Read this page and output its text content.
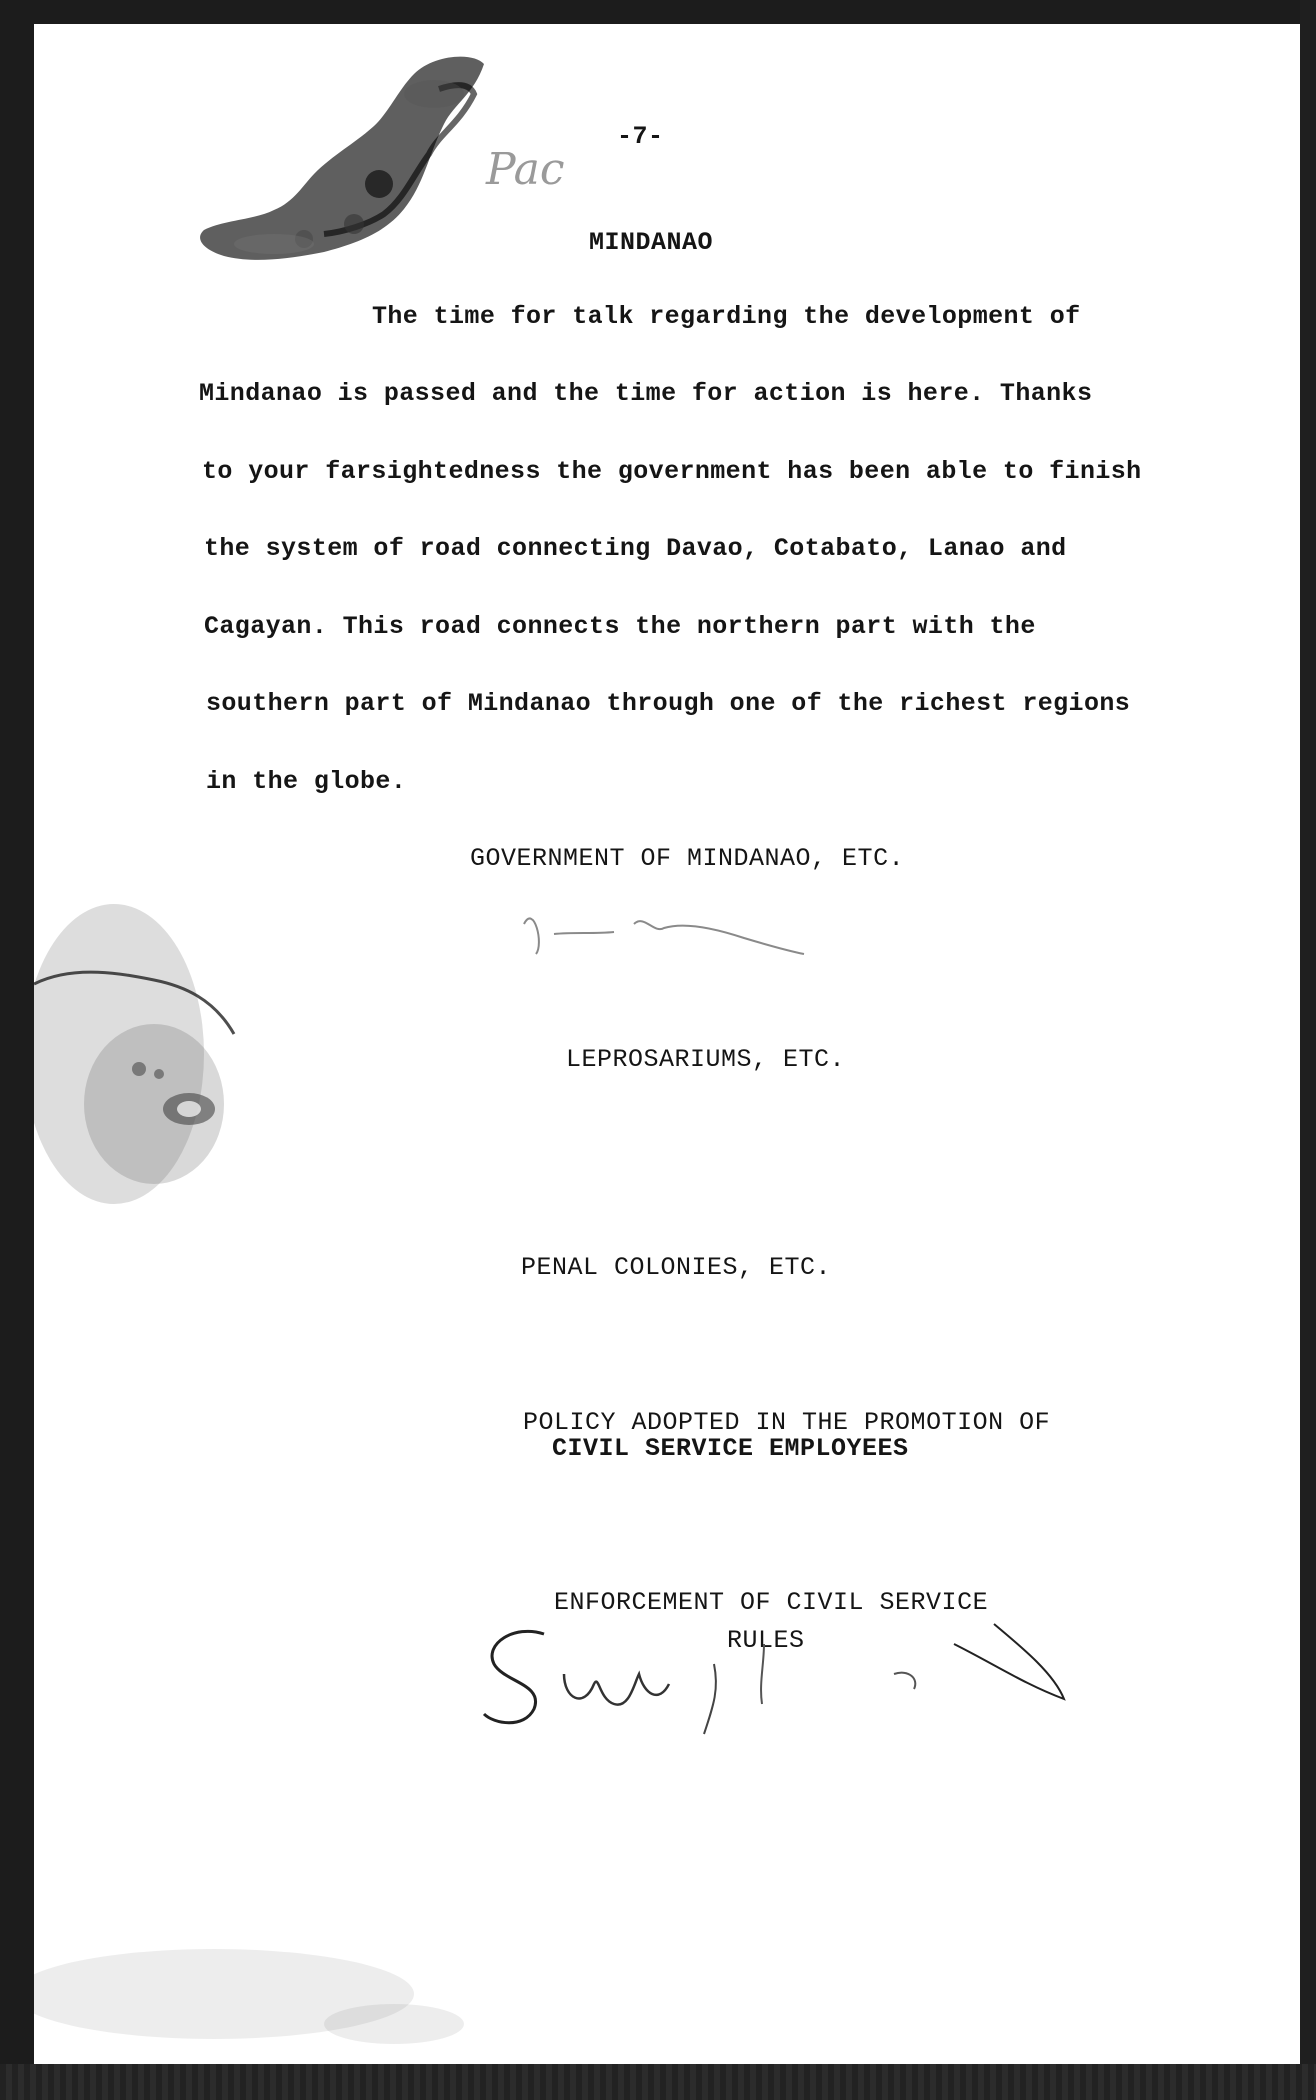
-7-
Pac
MINDANAO
The time for talk regarding the development of
Mindanao is passed and the time for action is here. Thanks
to your farsightedness the government has been able to finish
the system of road connecting Davao, Cotabato, Lanao and
Cagayan. This road connects the northern part with the
southern part of Mindanao through one of the richest regions
in the globe.
GOVERNMENT OF MINDANAO, ETC.
LEPROSARIUMS, ETC.
PENAL COLONIES, ETC.
POLICY ADOPTED IN THE PROMOTION OF
CIVIL SERVICE EMPLOYEES
ENFORCEMENT OF CIVIL SERVICE
RULES
